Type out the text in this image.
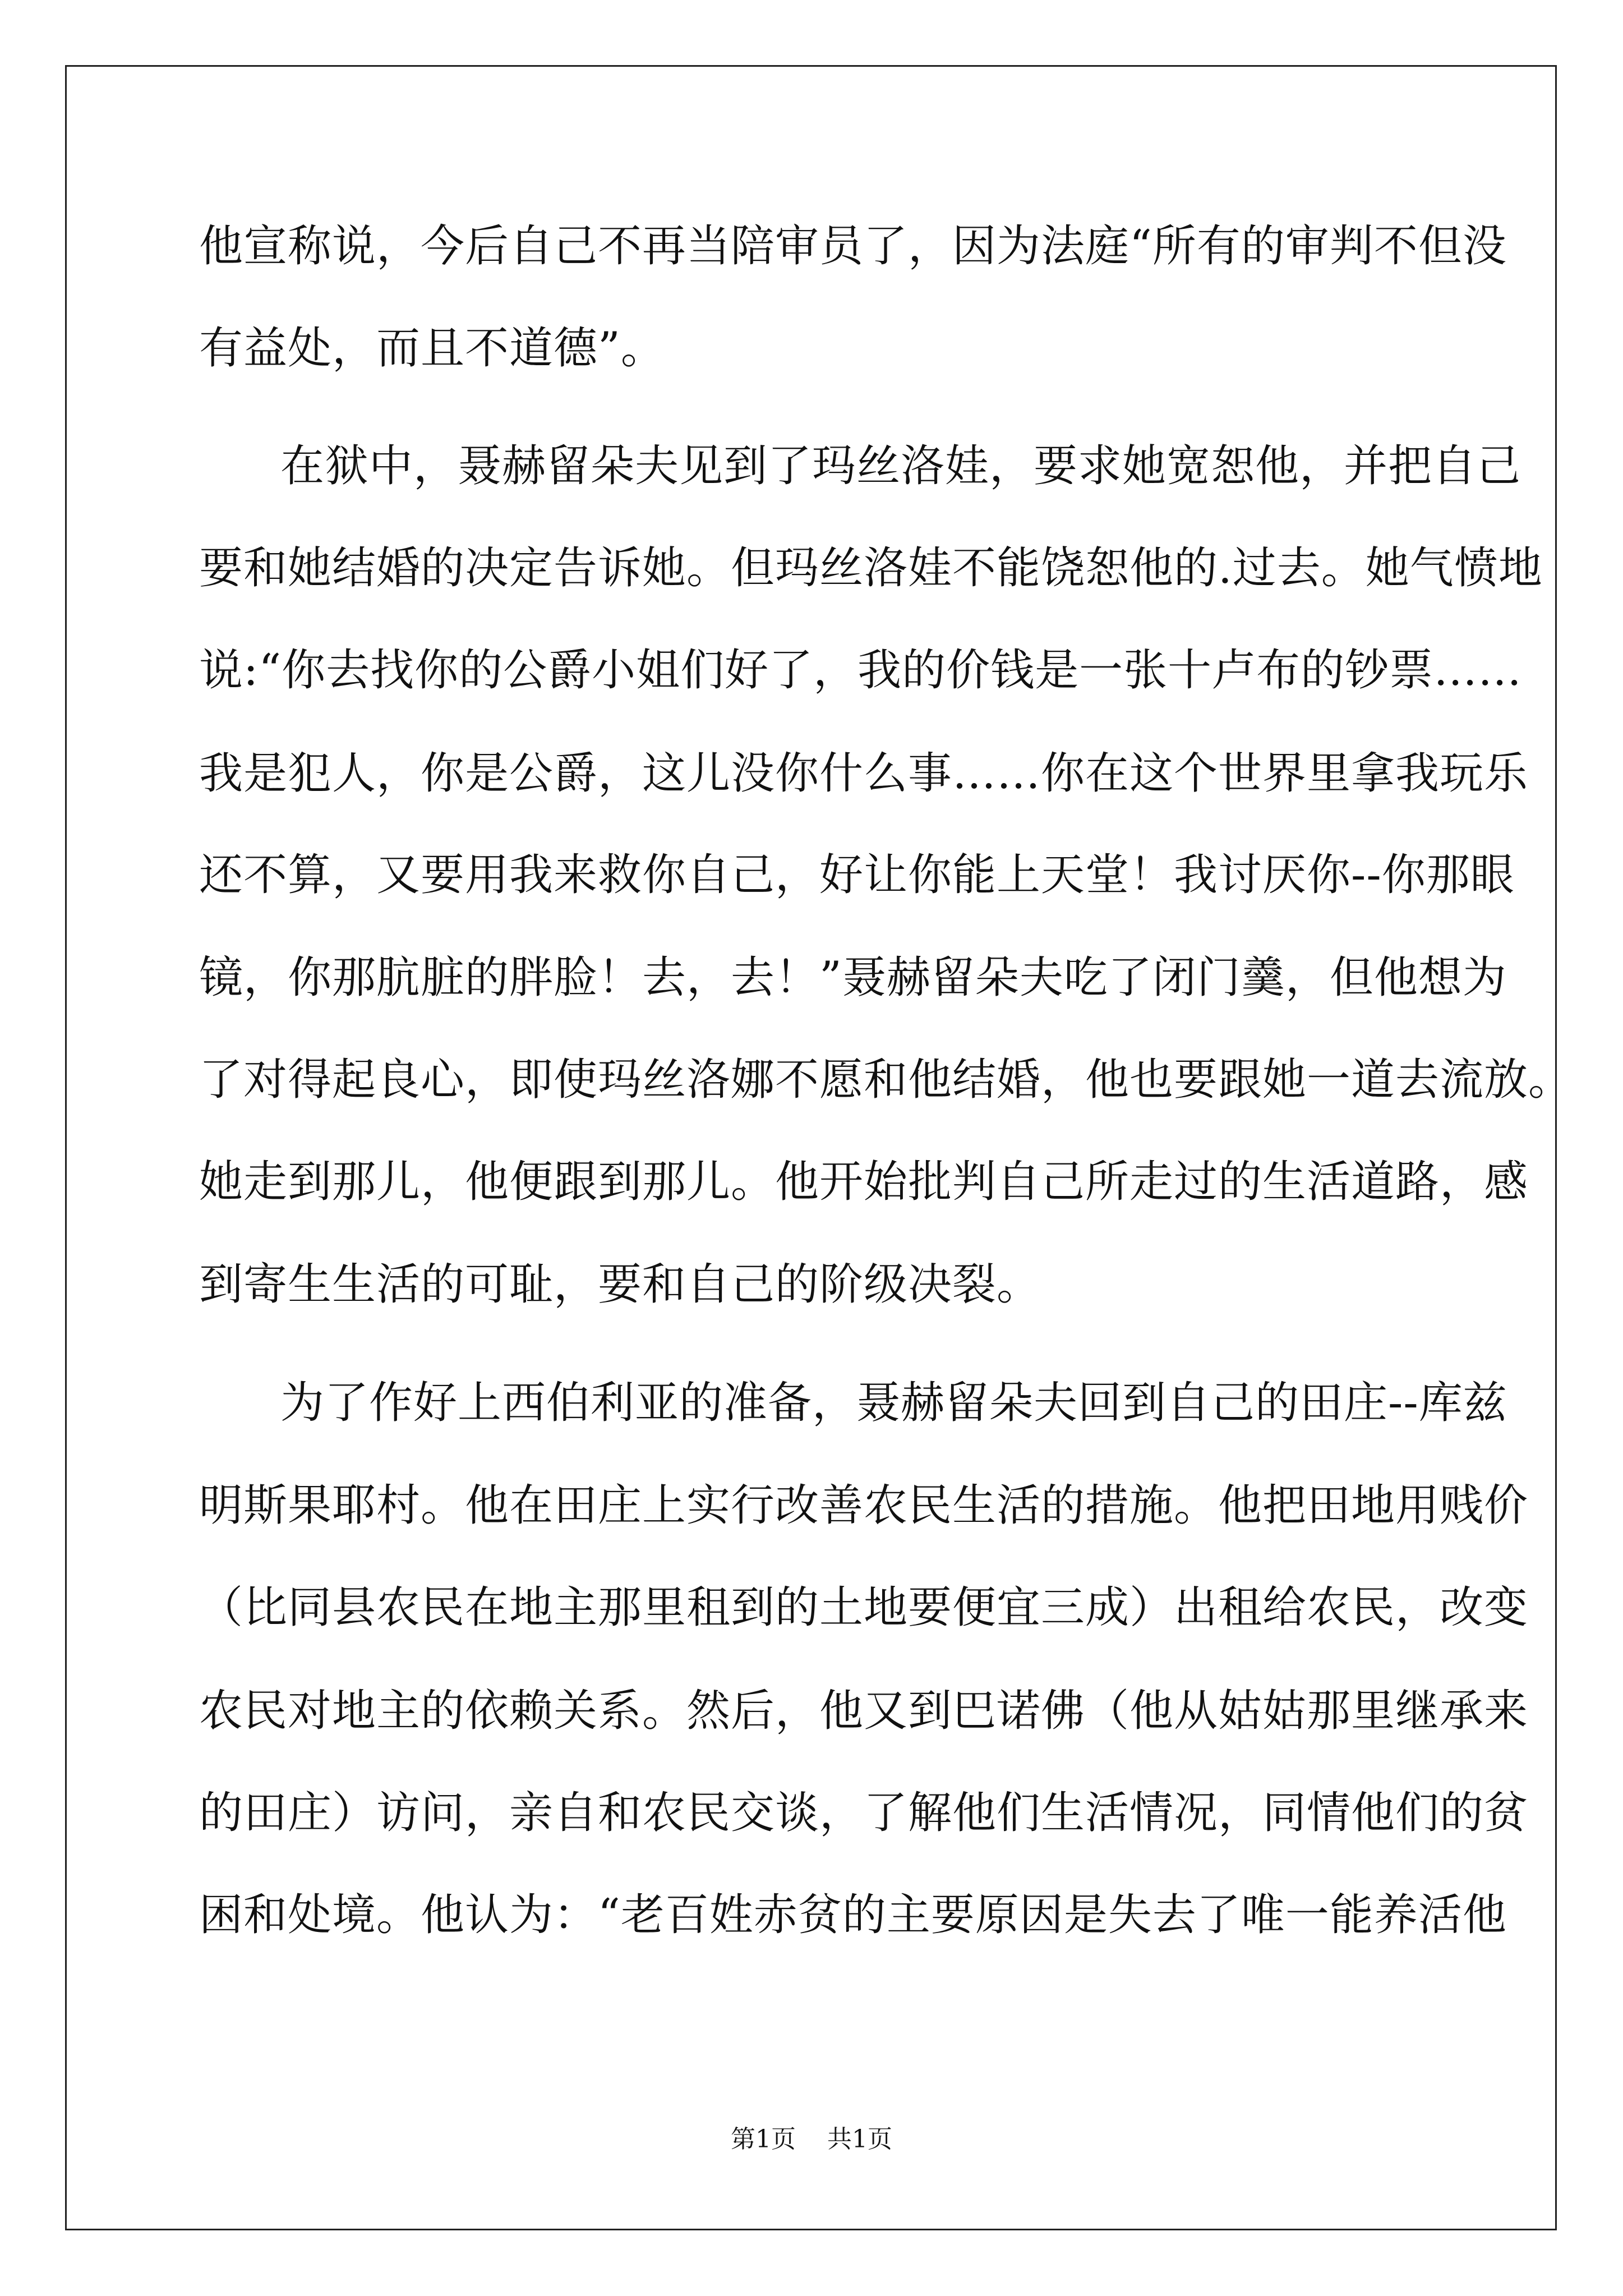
他宣称说，今后自己不再当陪审员了，因为法庭“所有的审判不但没
有益处，而且不道德”。
在狱中，聂赫留朵夫见到了玛丝洛娃，要求她宽恕他，并把自己
要和她结婚的决定告诉她。但玛丝洛娃不能饶恕他的.过去。她气愤地
说:“你去找你的公爵小姐们好了，我的价钱是一张十卢布的钞票……
我是犯人，你是公爵，这儿没你什么事……你在这个世界里拿我玩乐
还不算，又要用我来救你自己，好让你能上天堂！我讨厌你--你那眼
镜，你那肮脏的胖脸！去，去！”聂赫留朵夫吃了闭门羹，但他想为
了对得起良心，即使玛丝洛娜不愿和他结婚，他也要跟她一道去流放。
她走到那儿，他便跟到那儿。他开始批判自己所走过的生活道路，感
到寄生生活的可耻，要和自己的阶级决裂。
为了作好上西伯利亚的准备，聂赫留朵夫回到自己的田庄--库兹
明斯果耶村。他在田庄上实行改善农民生活的措施。他把田地用贱价
（比同县农民在地主那里租到的土地要便宜三成）出租给农民，改变
农民对地主的依赖关系。然后，他又到巴诺佛（他从姑姑那里继承来
的田庄）访问，亲自和农民交谈，了解他们生活情况，同情他们的贫
困和处境。他认为：“老百姓赤贫的主要原因是失去了唯一能养活他
第1页 共1页
